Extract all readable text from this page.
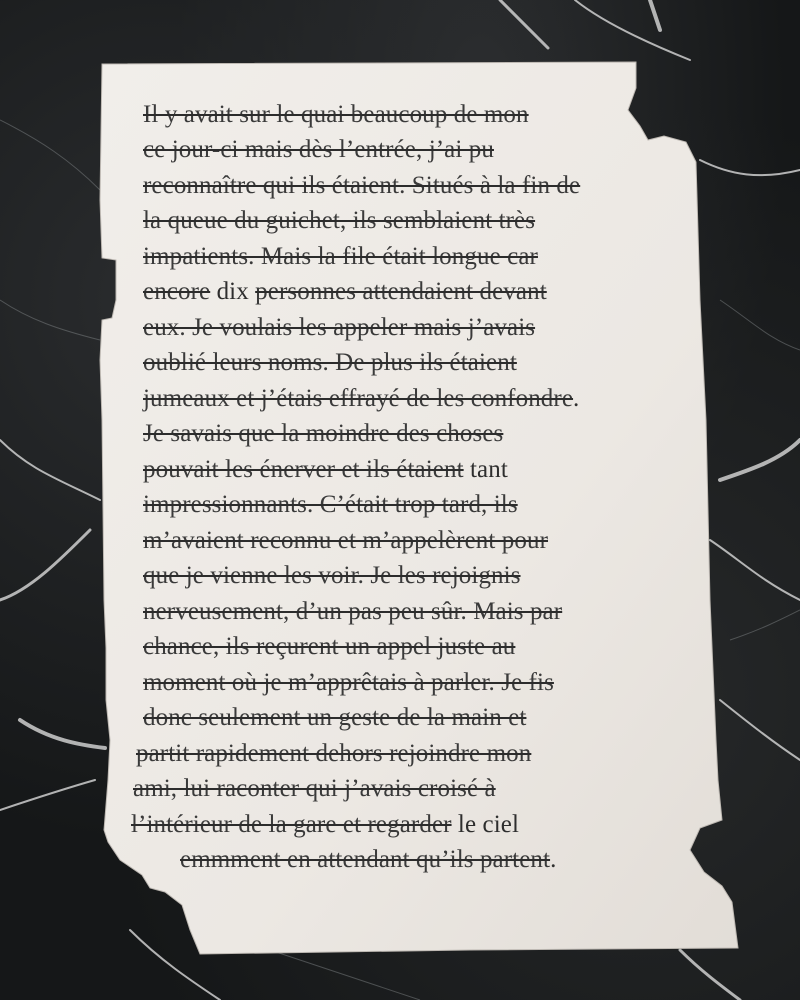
Il y avait sur le quai beaucoup de mon
ce jour-ci mais dès l’entrée, j’ai pu
reconnaître qui ils étaient. Situés à la fin de
la queue du guichet, ils semblaient très
impatients. Mais la file était longue car
encore dix personnes attendaient devant
eux. Je voulais les appeler mais j’avais
oublié leurs noms. De plus ils étaient
jumeaux et j’étais effrayé de les confondre.
Je savais que la moindre des choses
pouvait les énerver et ils étaient tant
impressionnants. C’était trop tard, ils
m’avaient reconnu et m’appelèrent pour
que je vienne les voir. Je les rejoignis
nerveusement, d’un pas peu sûr. Mais par
chance, ils reçurent un appel juste au
moment où je m’apprêtais à parler. Je fis
donc seulement un geste de la main et
partit rapidement dehors rejoindre mon
ami, lui raconter qui j’avais croisé à
l’intérieur de la gare et regarder le ciel
emmment en attendant qu’ils partent.
